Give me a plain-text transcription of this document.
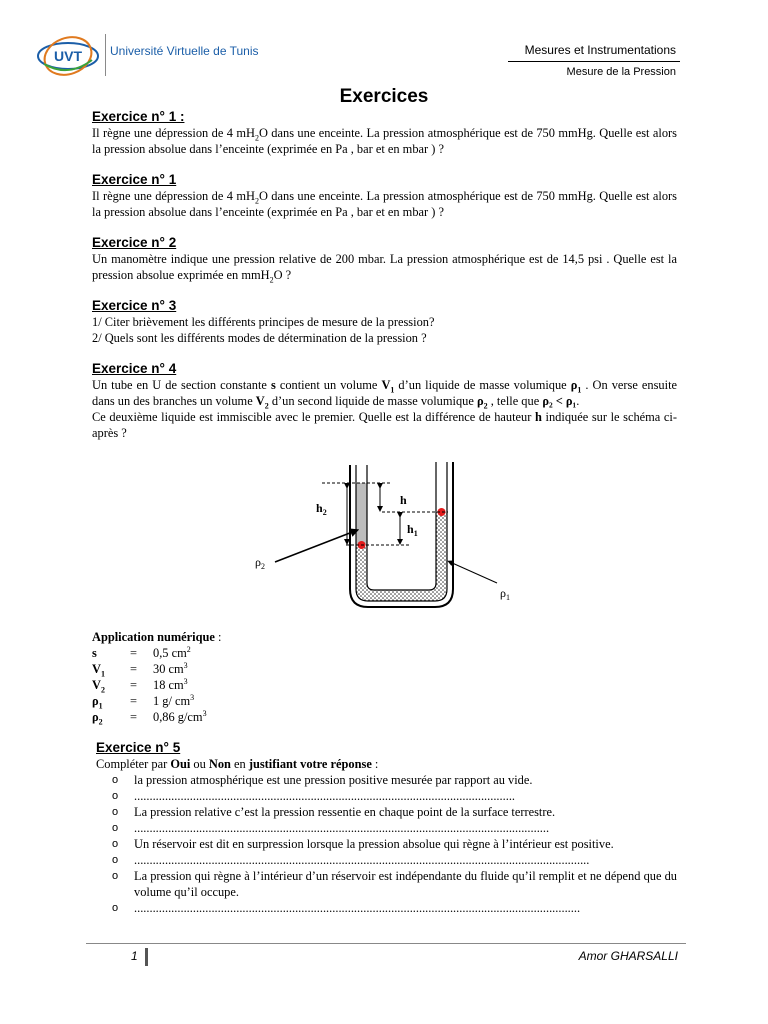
UVT Université Virtuelle de Tunis	Mesures et Instrumentations
Mesure de la Pression
Exercices
Exercice n° 1 :

Il règne une dépression de 4 $mH_2O$ dans une enceinte. La pression atmosphérique est de 750 mmHg. Quelle est alors la pression absolue dans l’enceinte (exprimée en Pa , bar et en mbar ) ?

Exercice n° 1

Il règne une dépression de 4 $mH_2O$ dans une enceinte. La pression atmosphérique est de 750 mmHg. Quelle est alors la pression absolue dans l’enceinte (exprimée en Pa , bar et en mbar ) ?

Exercice n° 2

Un manomètre indique une pression relative de 200 mbar. La pression atmosphérique est de 14,5 psi . Quelle est la pression absolue exprimée en mmH$_2$O ?

Exercice n° 3

1/ Citer brièvement les différents principes de mesure de la pression?

2/ Quels sont les différents modes de détermination de la pression ?

Exercice n° 4

Un tube en U de section constante s contient un volume $V_1$ d’un liquide de masse volumique $\rho_1$ . On verse ensuite dans un des branches un volume $V_2$ d’un second liquide de masse volumique $\rho_2$ , telle que ρ₂ < ρ₁.

Ce deuxième liquide est immiscible avec le premier. Quelle est la différence de hauteur h indiquée sur le schéma ci-après ?

$h_2$
h
$h_1$
$\rho_2$
$\rho_1$

Application numérique :

s	=	0,5 $cm^2$
$V_1$	=	30 $cm^3$
$V_2$	=	18 $cm^3$
$\rho_1$	=	1 g/ $cm^3$
$\rho_2$	=	0,86 $g/cm^3$
Exercice n° 5

Compléter par Oui ou Non en justifiant votre réponse :

o la pression atmosphérique est une pression positive mesurée par rapport au vide.
o ...........................................................................................................................
o La pression relative c’est la pression ressentie en chaque point de la surface terrestre.
o ......................................................................................................................................
o Un réservoir est dit en surpression lorsque la pression absolue qui règne à l’intérieur est positive.
o ...................................................................................................................................................
o La pression qui règne à l’intérieur d’un réservoir est indépendante du fluide qu’il remplit et ne dépend que du volume qu’il occupe.
o ................................................................................................................................................
1	Amor GHARSALLI
